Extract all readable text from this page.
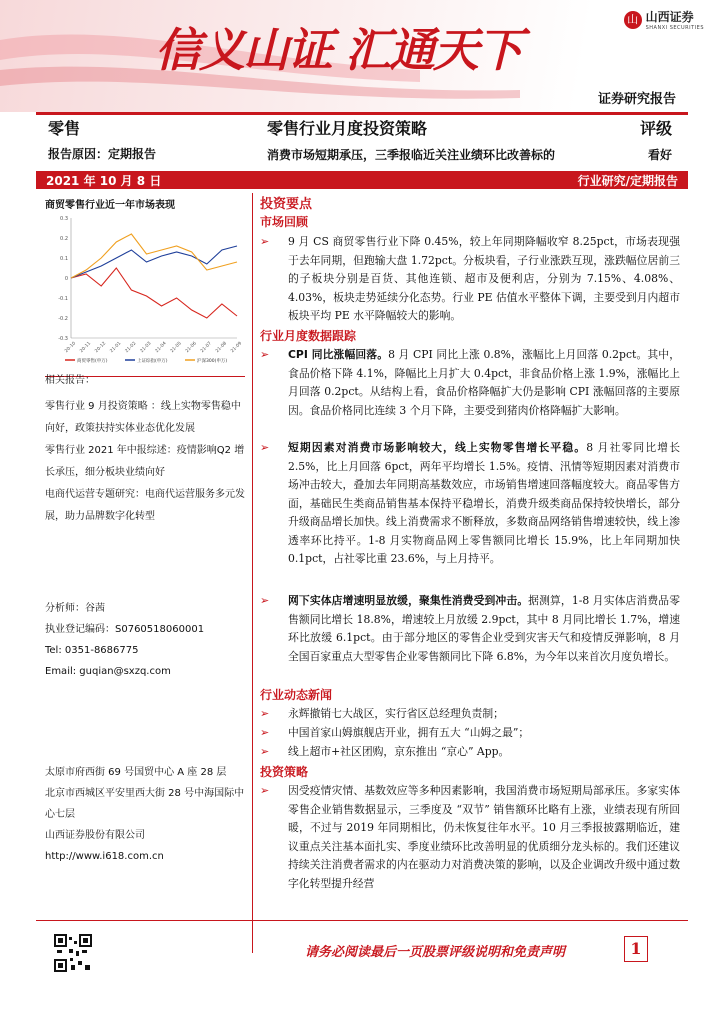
山 山西证券
SHANXI SECURITIES
信义山证 汇通天下
证券研究报告
零售	零售行业月度投资策略	评级
报告原因：定期报告	消费市场短期承压，三季报临近关注业绩环比改善标的	看好
2021 年 10 月 8 日	行业研究/定期报告
商贸零售行业近一年市场表现
0.3
0.2
0.1
0
-0.1
-0.2
-0.3
20-10 20-11 20-12 21-01 21-02 21-03 21-04 21-05 21-06 21-07 21-08 21-09
商贸零售(申万)	上证综指(申万)	沪深300(申万)
相关报告：
零售行业 9 月投资策略 ：线上实物零售稳中向好，政策扶持实体业态优化发展
零售行业 2021 年中报综述：疫情影响Q2 增长承压，细分板块业绩向好
电商代运营专题研究：电商代运营服务多元发展，助力品牌数字化转型
分析师：谷茜
执业登记编码：S0760518060001
Tel: 0351-8686775
Email: guqian@sxzq.com
太原市府西街 69 号国贸中心 A 座 28 层
北京市西城区平安里西大街 28 号中海国际中心七层
山西证券股份有限公司
http://www.i618.com.cn
投资要点
市场回顾
➢ 9 月 CS 商贸零售行业下降 0.45%，较上年同期降幅收窄 8.25pct，市场表现强于去年同期，但跑输大盘 1.72pct。分板块看，子行业涨跌互现，涨跌幅位居前三的子板块分别是百货、其他连锁、超市及便利店，分别为 7.15%、4.08%、4.03%，板块走势延续分化态势。行业 PE 估值水平整体下调，主要受到月内超市板块平均 PE 水平降幅较大的影响。
行业月度数据跟踪
➢ CPI 同比涨幅回落。8 月 CPI 同比上涨 0.8%，涨幅比上月回落 0.2pct。其中，食品价格下降 4.1%，降幅比上月扩大 0.4pct，非食品价格上涨 1.9%，涨幅比上月回落 0.2pct。从结构上看，食品价格降幅扩大仍是影响 CPI 涨幅回落的主要原因。食品价格同比连续 3 个月下降，主要受到猪肉价格降幅扩大影响。
➢ 短期因素对消费市场影响较大，线上实物零售增长平稳。8 月社零同比增长 2.5%，比上月回落 6pct，两年平均增长 1.5%。疫情、汛情等短期因素对消费市场冲击较大，叠加去年同期高基数效应，市场销售增速回落幅度较大。商品零售方面，基础民生类商品销售基本保持平稳增长，消费升级类商品保持较快增长，部分升级商品增长加快。线上消费需求不断释放，多数商品网络销售增速较快，线上渗透率环比持平。1-8 月实物商品网上零售额同比增长 15.9%，比上年同期加快 0.1pct，占社零比重 23.6%，与上月持平。
➢ 网下实体店增速明显放缓，聚集性消费受到冲击。据测算，1-8 月实体店消费品零售额同比增长 18.8%，增速较上月放缓 2.9pct，其中 8 月同比增长 1.7%，增速环比放缓 6.1pct。由于部分地区的零售企业受到灾害天气和疫情反弹影响，8 月全国百家重点大型零售企业零售额同比下降 6.8%，为今年以来首次月度负增长。
行业动态新闻
➢ 永辉撤销七大战区，实行省区总经理负责制；
➢ 中国首家山姆旗舰店开业，拥有五大 “山姆之最”；
➢ 线上超市+社区团购，京东推出 “京心” App。
投资策略
➢ 因受疫情灾情、基数效应等多种因素影响，我国消费市场短期局部承压。多家实体零售企业销售数据显示，三季度及 “双节” 销售额环比略有上涨，业绩表现有所回暖，不过与 2019 年同期相比，仍未恢复往年水平。10 月三季报披露期临近，建议重点关注基本面扎实、季度业绩环比改善明显的优质细分龙头标的。我们还建议持续关注消费者需求的内在驱动力对消费决策的影响，以及企业调改升级中通过数字化转型提升经营
请务必阅读最后一页股票评级说明和免责声明	1
